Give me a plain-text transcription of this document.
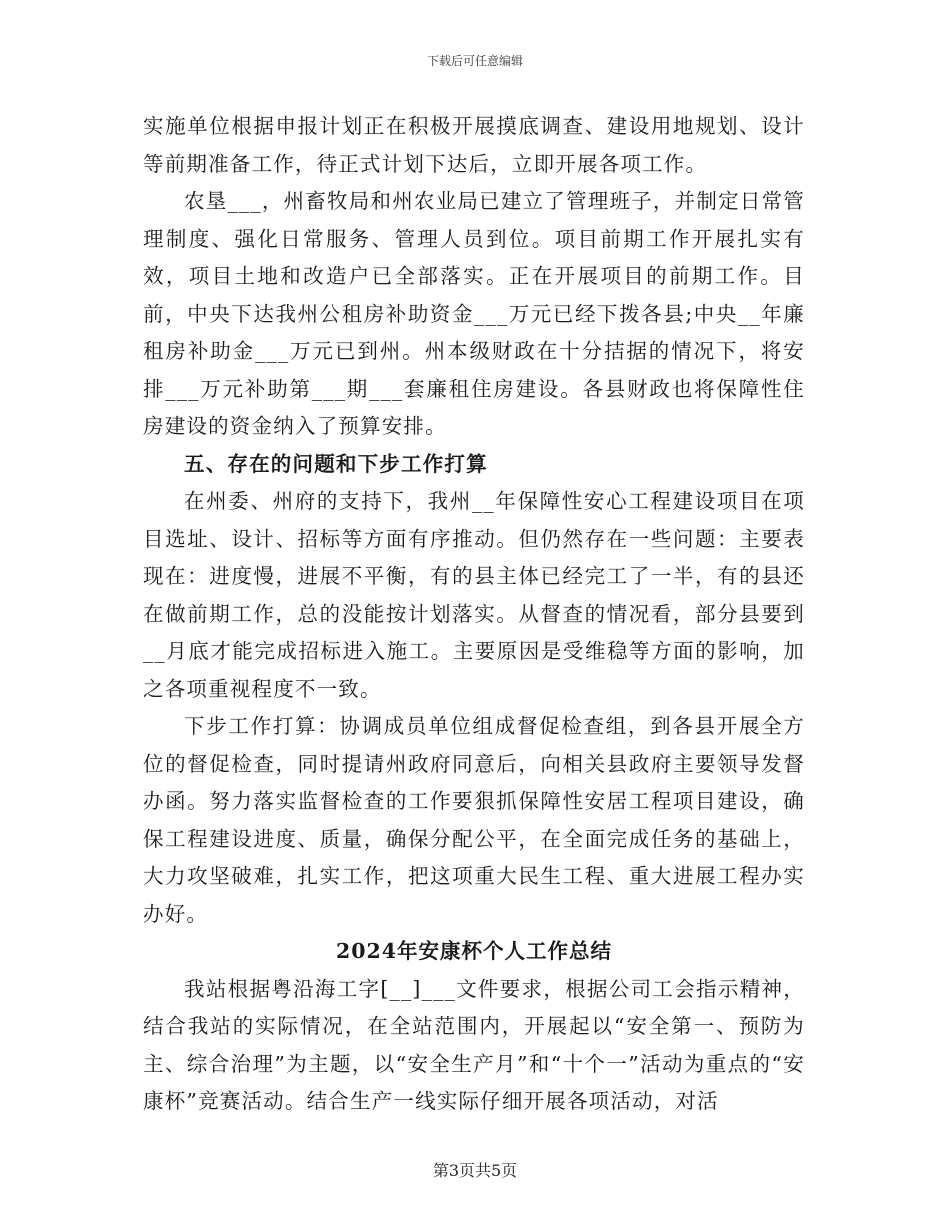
下载后可任意编辑

实施单位根据申报计划正在积极开展摸底调查、建设用地规划、设计等前期准备工作，待正式计划下达后，立即开展各项工作。

农垦___，州畜牧局和州农业局已建立了管理班子，并制定日常管理制度、强化日常服务、管理人员到位。项目前期工作开展扎实有效，项目土地和改造户已全部落实。正在开展项目的前期工作。目前，中央下达我州公租房补助资金___万元已经下拨各县;中央__年廉租房补助金___万元已到州。州本级财政在十分拮据的情况下，将安排___万元补助第___期___套廉租住房建设。各县财政也将保障性住房建设的资金纳入了预算安排。

五、存在的问题和下步工作打算

在州委、州府的支持下，我州__年保障性安心工程建设项目在项目选址、设计、招标等方面有序推动。但仍然存在一些问题：主要表现在：进度慢，进展不平衡，有的县主体已经完工了一半，有的县还在做前期工作，总的没能按计划落实。从督查的情况看，部分县要到__月底才能完成招标进入施工。主要原因是受维稳等方面的影响，加之各项重视程度不一致。

下步工作打算：协调成员单位组成督促检查组，到各县开展全方位的督促检查，同时提请州政府同意后，向相关县政府主要领导发督办函。努力落实监督检查的工作要狠抓保障性安居工程项目建设，确保工程建设进度、质量，确保分配公平，在全面完成任务的基础上，大力攻坚破难，扎实工作，把这项重大民生工程、重大进展工程办实办好。

2024年安康杯个人工作总结

我站根据粤沿海工字[__]___文件要求，根据公司工会指示精神，结合我站的实际情况，在全站范围内，开展起以“安全第一、预防为主、综合治理”为主题，以“安全生产月”和“十个一”活动为重点的“安康杯”竞赛活动。结合生产一线实际仔细开展各项活动，对活

第3页共5页
